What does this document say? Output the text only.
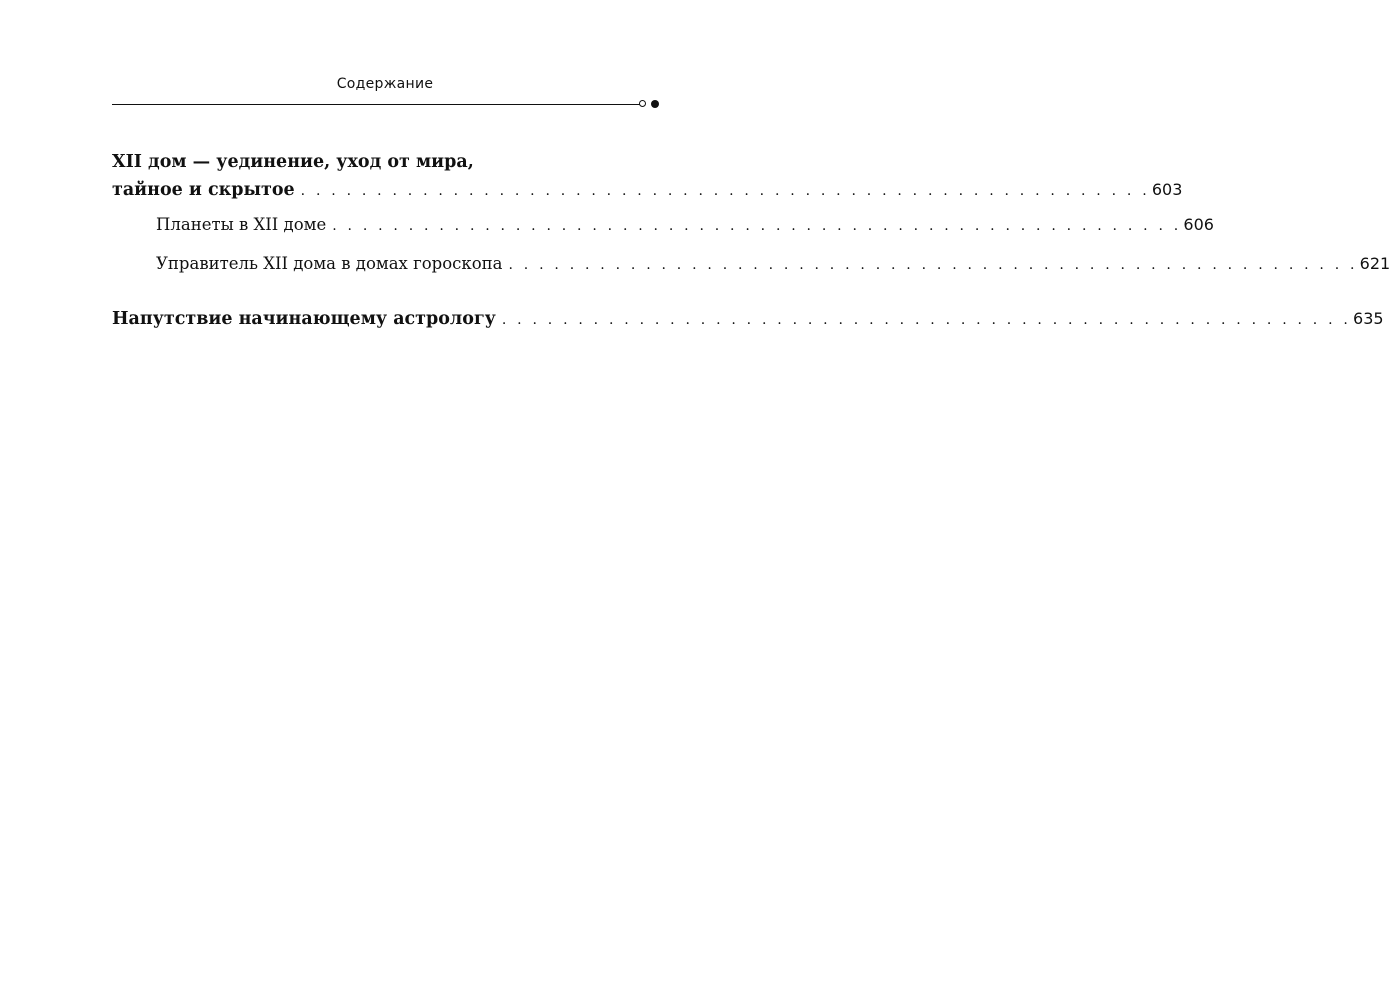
Содержание
XII дом — уединение, уход от мира,
тайное и скрытое . . . . . . . . . . . . . . . . . . . . . . . . . . . . . . . . . . . . . . . . . . . . . . . . . . . . . . . . 603
Планеты в XII доме . . . . . . . . . . . . . . . . . . . . . . . . . . . . . . . . . . . . . . . . . . . . . . . . . . . . . . . . 606
Управитель XII дома в домах гороскопа . . . . . . . . . . . . . . . . . . . . . . . . . . . . . . . . . . . . . . . . . . . . . . . . . . . . . . . . 621
Напутствие начинающему астрологу . . . . . . . . . . . . . . . . . . . . . . . . . . . . . . . . . . . . . . . . . . . . . . . . . . . . . . . . 635
